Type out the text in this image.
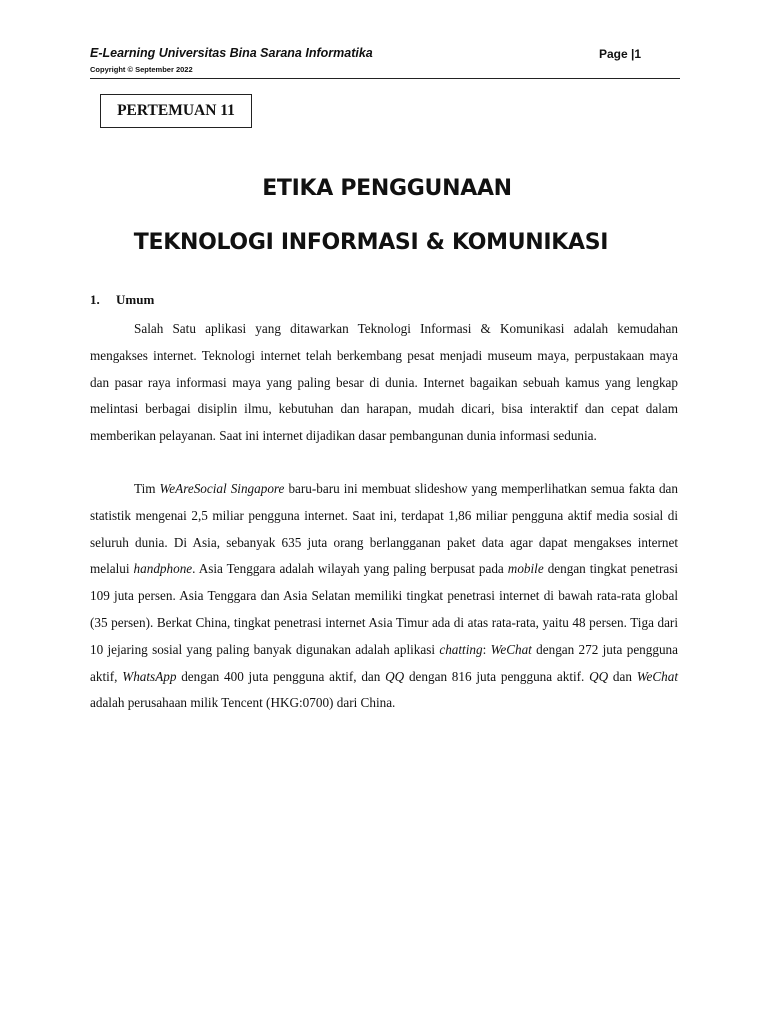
E-Learning Universitas Bina Sarana Informatika
Copyright © September 2022
Page |1
PERTEMUAN 11
ETIKA PENGGUNAAN
TEKNOLOGI INFORMASI & KOMUNIKASI
1. Umum

Salah Satu aplikasi yang ditawarkan Teknologi Informasi & Komunikasi adalah kemudahan mengakses internet. Teknologi internet telah berkembang pesat menjadi museum maya, perpustakaan maya dan pasar raya informasi maya yang paling besar di dunia. Internet bagaikan sebuah kamus yang lengkap melintasi berbagai disiplin ilmu, kebutuhan dan harapan, mudah dicari, bisa interaktif dan cepat dalam memberikan pelayanan. Saat ini internet dijadikan dasar pembangunan dunia informasi sedunia.

Tim WeAreSocial Singapore baru-baru ini membuat slideshow yang memperlihatkan semua fakta dan statistik mengenai 2,5 miliar pengguna internet. Saat ini, terdapat 1,86 miliar pengguna aktif media sosial di seluruh dunia. Di Asia, sebanyak 635 juta orang berlangganan paket data agar dapat mengakses internet melalui handphone. Asia Tenggara adalah wilayah yang paling berpusat pada mobile dengan tingkat penetrasi 109 juta persen. Asia Tenggara dan Asia Selatan memiliki tingkat penetrasi internet di bawah rata-rata global (35 persen). Berkat China, tingkat penetrasi internet Asia Timur ada di atas rata-rata, yaitu 48 persen. Tiga dari 10 jejaring sosial yang paling banyak digunakan adalah aplikasi chatting: WeChat dengan 272 juta pengguna aktif, WhatsApp dengan 400 juta pengguna aktif, dan QQ dengan 816 juta pengguna aktif. QQ dan WeChat adalah perusahaan milik Tencent (HKG:0700) dari China.
